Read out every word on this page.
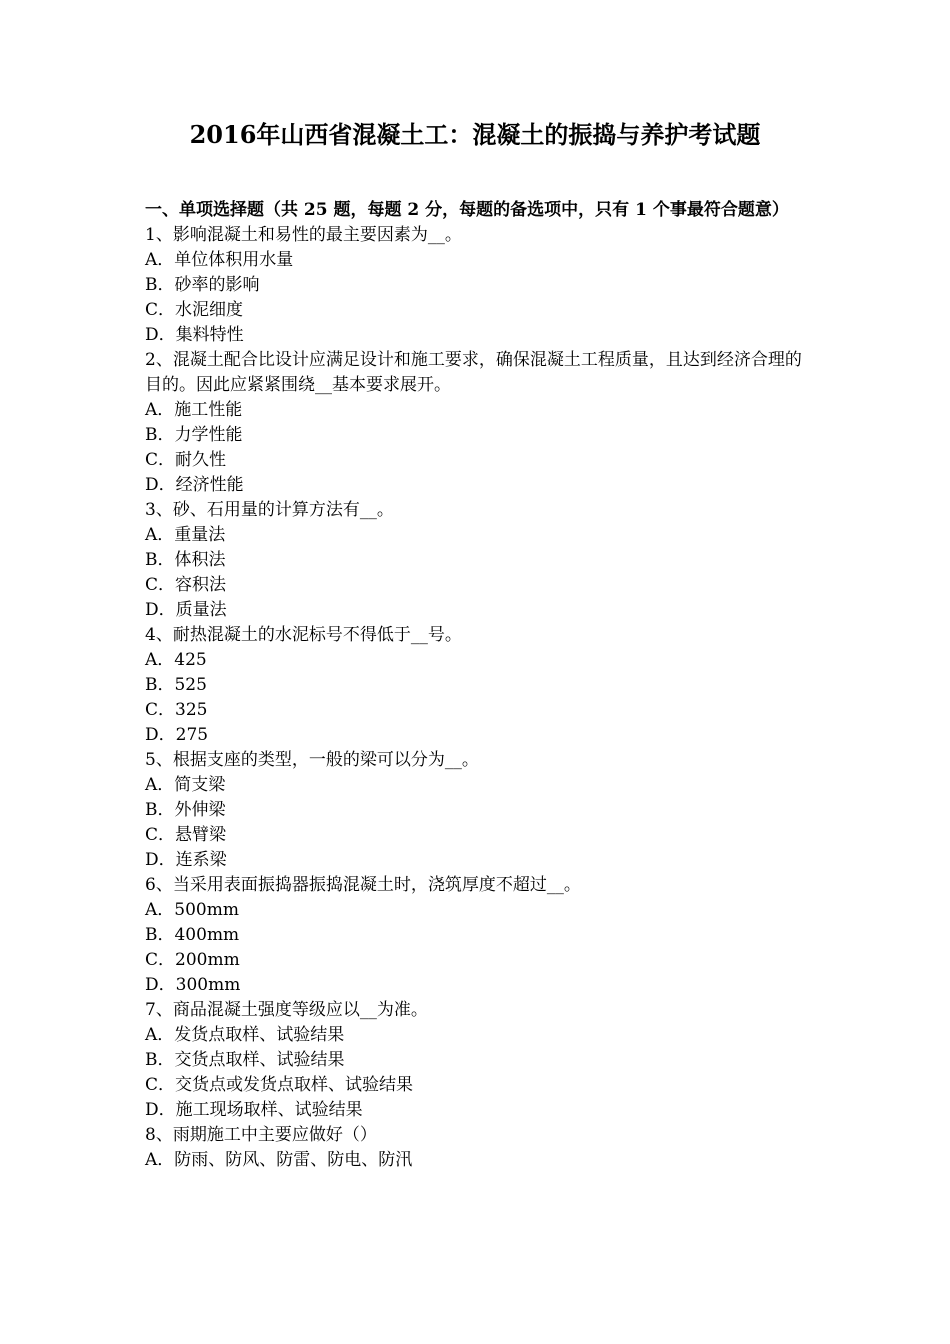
2016年山西省混凝土工：混凝土的振捣与养护考试题

一、单项选择题（共 25 题，每题 2 分，每题的备选项中，只有 1 个事最符合题意）

1、影响混凝土和易性的最主要因素为__。

A．单位体积用水量
B．砂率的影响
C．水泥细度
D．集料特性

2、混凝土配合比设计应满足设计和施工要求，确保混凝土工程质量，且达到经济合理的目的。因此应紧紧围绕__基本要求展开。

A．施工性能
B．力学性能
C．耐久性
D．经济性能

3、砂、石用量的计算方法有__。

A．重量法
B．体积法
C．容积法
D．质量法

4、耐热混凝土的水泥标号不得低于__号。

A．425
B．525
C．325
D．275

5、根据支座的类型，一般的梁可以分为__。

A．简支梁
B．外伸梁
C．悬臂梁
D．连系梁

6、当采用表面振捣器振捣混凝土时，浇筑厚度不超过__。

A．500mm
B．400mm
C．200mm
D．300mm

7、商品混凝土强度等级应以__为准。

A．发货点取样、试验结果
B．交货点取样、试验结果
C．交货点或发货点取样、试验结果
D．施工现场取样、试验结果

8、雨期施工中主要应做好（）

A．防雨、防风、防雷、防电、防汛
